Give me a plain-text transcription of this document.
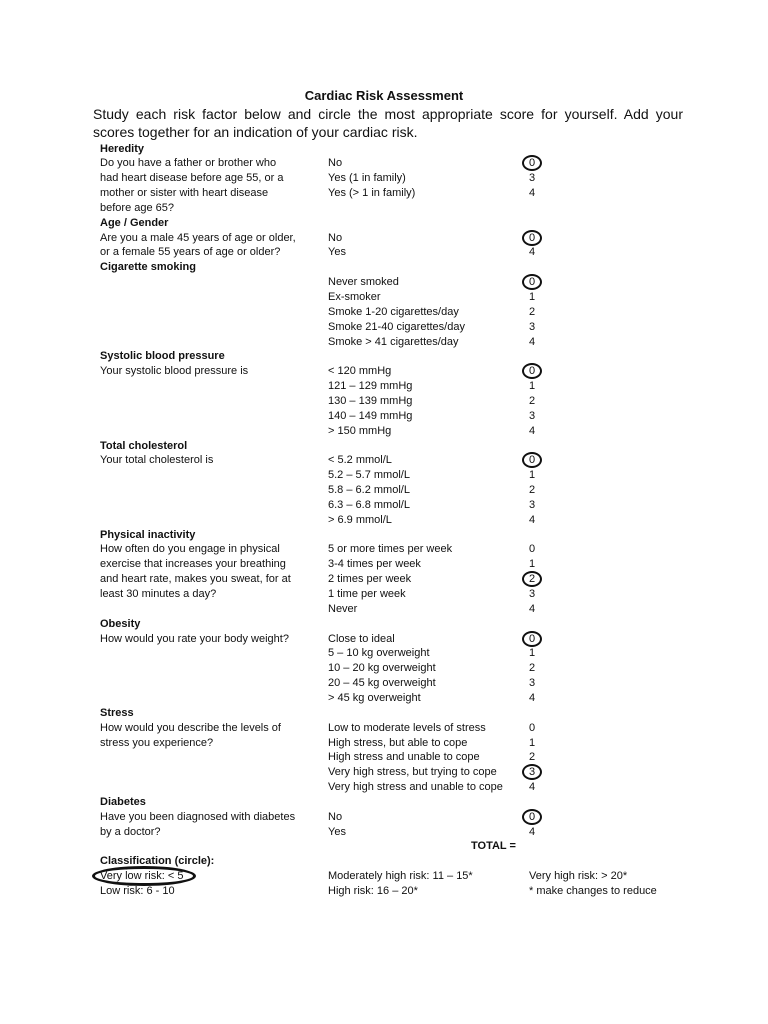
Cardiac Risk Assessment
Study each risk factor below and circle the most appropriate score for yourself. Add your scores together for an indication of your cardiac risk.
Heredity
Do you have a father or brother who
had heart disease before age 55, or a
mother or sister with heart disease
before age 65?
No	0
Yes (1 in family)	3
Yes (> 1 in family)	4
Age / Gender
Are you a male 45 years of age or older,
or a female 55 years of age or older?
No	0
Yes	4
Cigarette smoking
Never smoked	0
Ex-smoker	1
Smoke 1-20 cigarettes/day	2
Smoke 21-40 cigarettes/day	3
Smoke > 41 cigarettes/day	4
Systolic blood pressure
Your systolic blood pressure is	< 120 mmHg	0
121 – 129 mmHg	1
130 – 139 mmHg	2
140 – 149 mmHg	3
> 150 mmHg	4
Total cholesterol
Your total cholesterol is	< 5.2 mmol/L	0
5.2 – 5.7 mmol/L	1
5.8 – 6.2 mmol/L	2
6.3 – 6.8 mmol/L	3
> 6.9 mmol/L	4
Physical inactivity
How often do you engage in physical
exercise that increases your breathing
and heart rate, makes you sweat, for at
least 30 minutes a day?
5 or more times per week	0
3-4 times per week	1
2 times per week	2
1 time per week	3
Never	4
Obesity
How would you rate your body weight?	Close to ideal	0
5 – 10 kg overweight	1
10 – 20 kg overweight	2
20 – 45 kg overweight	3
> 45 kg overweight	4
Stress
How would you describe the levels of
stress you experience?
Low to moderate levels of stress	0
High stress, but able to cope	1
High stress and unable to cope	2
Very high stress, but trying to cope	3
Very high stress and unable to cope 4
Diabetes
Have you been diagnosed with diabetes
by a doctor?
No	0
Yes	4
TOTAL =
Classification (circle):
Very low risk: < 5
Low risk: 6 - 10
Moderately high risk: 11 – 15*
High risk: 16 – 20*
Very high risk: > 20*
* make changes to reduce
